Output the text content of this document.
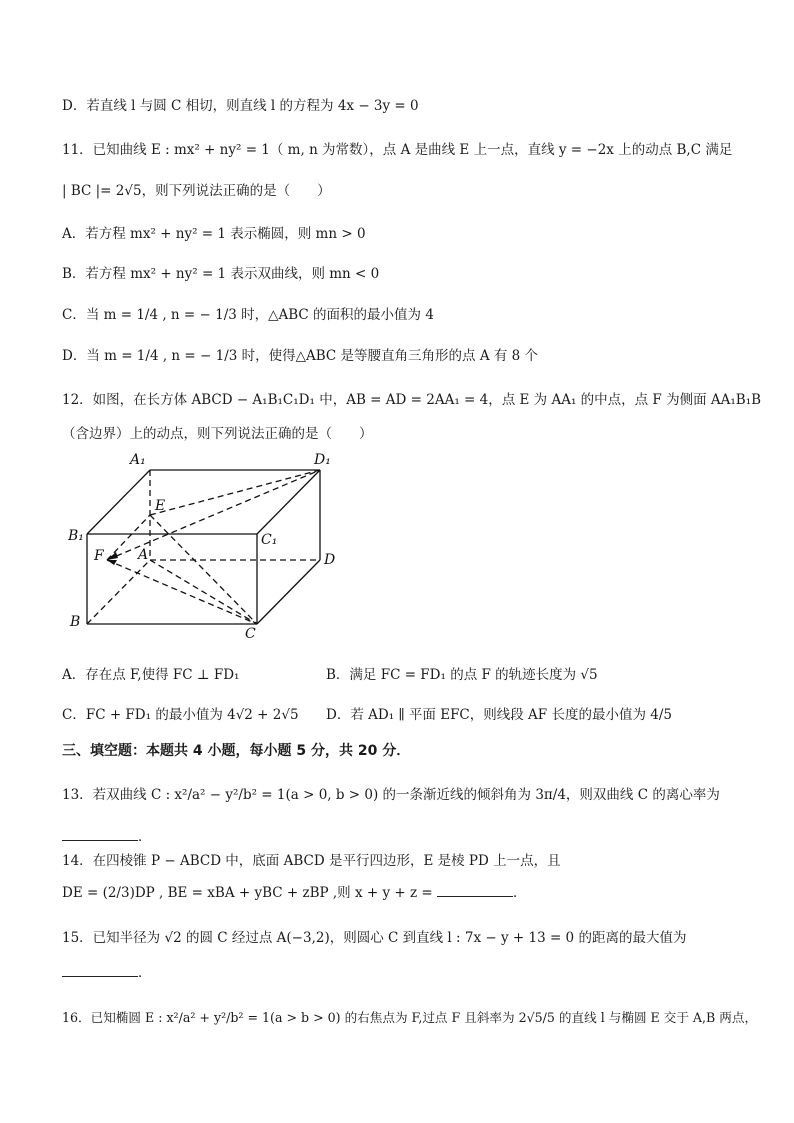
D．若直线 l 与圆 C 相切，则直线 l 的方程为 4x − 3y = 0
11．已知曲线 E : mx² + ny² = 1（ m, n 为常数），点 A 是曲线 E 上一点，直线 y = −2x 上的动点 B,C 满足
| BC |= 2√5，则下列说法正确的是（　　）
A．若方程 mx² + ny² = 1 表示椭圆，则 mn > 0
B．若方程 mx² + ny² = 1 表示双曲线，则 mn < 0
C．当 m = 1/4 , n = − 1/3 时，△ABC 的面积的最小值为 4
D．当 m = 1/4 , n = − 1/3 时，使得△ABC 是等腰直角三角形的点 A 有 8 个
12．如图，在长方体 ABCD − A₁B₁C₁D₁ 中，AB = AD = 2AA₁ = 4，点 E 为 AA₁ 的中点，点 F 为侧面 AA₁B₁B
（含边界）上的动点，则下列说法正确的是（　　）
A₁	D₁
E
B₁	C₁
F A	D
B
C
A．存在点 F,使得 FC ⊥ FD₁	B．满足 FC = FD₁ 的点 F 的轨迹长度为 √5
C．FC + FD₁ 的最小值为 4√2 + 2√5	D．若 AD₁ ∥ 平面 EFC，则线段 AF 长度的最小值为 4/5
三、填空题：本题共 4 小题，每小题 5 分，共 20 分．
13．若双曲线 C : x²/a² − y²/b² = 1(a > 0, b > 0) 的一条渐近线的倾斜角为 3π/4，则双曲线 C 的离心率为
．
14．在四棱锥 P − ABCD 中，底面 ABCD 是平行四边形，E 是棱 PD 上一点，且
DE = (2/3)DP , BE = xBA + yBC + zBP ,则 x + y + z =	．
15．已知半径为 √2 的圆 C 经过点 A(−3,2)，则圆心 C 到直线 l : 7x − y + 13 = 0 的距离的最大值为
．
16．已知椭圆 E : x²/a² + y²/b² = 1(a > b > 0) 的右焦点为 F,过点 F 且斜率为 2√5/5 的直线 l 与椭圆 E 交于 A,B 两点，
